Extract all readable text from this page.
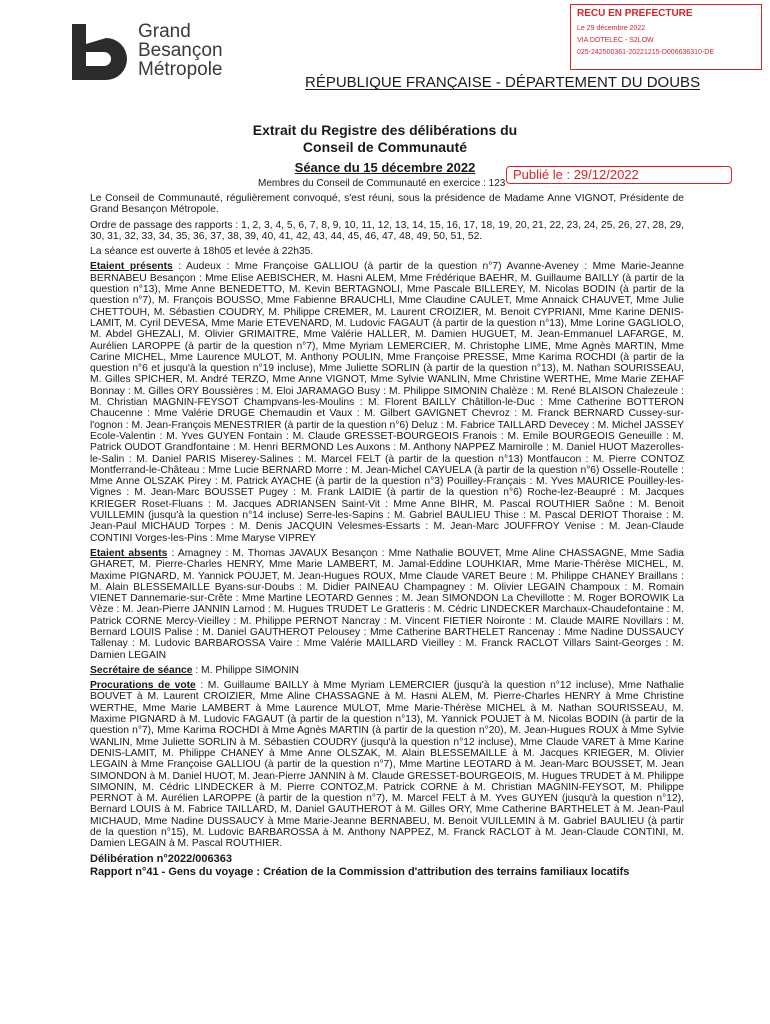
Grand
Besançon
Métropole
RECU EN PREFECTURE
Le 29 décembre 2022
VIA DOTELEC - S2LOW
025-242500361-20221215-D006636310-DE
RÉPUBLIQUE FRANÇAISE - DÉPARTEMENT DU DOUBS
Extrait du Registre des délibérations du
Conseil de Communauté
Séance du 15 décembre 2022
Membres du Conseil de Communauté en exercice : 123
Publié le : 29/12/2022

Le Conseil de Communauté, régulièrement convoqué, s'est réuni, sous la présidence de Madame Anne VIGNOT, Présidente de Grand Besançon Métropole.

Ordre de passage des rapports : 1, 2, 3, 4, 5, 6, 7, 8, 9, 10, 11, 12, 13, 14, 15, 16, 17, 18, 19, 20, 21, 22, 23, 24, 25, 26, 27, 28, 29, 30, 31, 32, 33, 34, 35, 36, 37, 38, 39, 40, 41, 42, 43, 44, 45, 46, 47, 48, 49, 50, 51, 52.

La séance est ouverte à 18h05 et levée à 22h35.

Etaient présents : Audeux : Mme Françoise GALLIOU (à partir de la question n°7) Avanne-Aveney : Mme Marie-Jeanne BERNABEU Besançon : Mme Elise AEBISCHER, M. Hasni ALEM, Mme Frédérique BAEHR, M. Guillaume BAILLY (à partir de la question n°13), Mme Anne BENEDETTO, M. Kevin BERTAGNOLI, Mme Pascale BILLEREY, M. Nicolas BODIN (à partir de la question n°7), M. François BOUSSO, Mme Fabienne BRAUCHLI, Mme Claudine CAULET, Mme Annaick CHAUVET, Mme Julie CHETTOUH, M. Sébastien COUDRY, M. Philippe CREMER, M. Laurent CROIZIER, M. Benoit CYPRIANI, Mme Karine DENIS-LAMIT, M. Cyril DEVESA, Mme Marie ETEVENARD, M. Ludovic FAGAUT (à partir de la question n°13), Mme Lorine GAGLIOLO, M. Abdel GHEZALI, M. Olivier GRIMAITRE, Mme Valérie HALLER, M. Damien HUGUET, M. Jean-Emmanuel LAFARGE, M. Aurélien LAROPPE (à partir de la question n°7), Mme Myriam LEMERCIER, M. Christophe LIME, Mme Agnès MARTIN, Mme Carine MICHEL, Mme Laurence MULOT, M. Anthony POULIN, Mme Françoise PRESSE, Mme Karima ROCHDI (à partir de la question n°6 et jusqu'à la question n°19 incluse), Mme Juliette SORLIN (à partir de la question n°13), M. Nathan SOURISSEAU, M. Gilles SPICHER, M. André TERZO, Mme Anne VIGNOT, Mme Sylvie WANLIN, Mme Christine WERTHE, Mme Marie ZEHAF Bonnay : M. Gilles ORY Boussières : M. Eloi JARAMAGO Busy : M. Philippe SIMONIN Chalèze : M. René BLAISON Chalezeule : M. Christian MAGNIN-FEYSOT Champvans-les-Moulins : M. Florent BAILLY Châtillon-le-Duc : Mme Catherine BOTTERON Chaucenne : Mme Valérie DRUGE Chemaudin et Vaux : M. Gilbert GAVIGNET Chevroz : M. Franck BERNARD Cussey-sur-l'ognon : M. Jean-François MENESTRIER (à partir de la question n°6) Deluz : M. Fabrice TAILLARD Devecey : M. Michel JASSEY Ecole-Valentin : M. Yves GUYEN Fontain : M. Claude GRESSET-BOURGEOIS Franois : M. Emile BOURGEOIS Geneuille : M. Patrick OUDOT Grandfontaine : M. Henri BERMOND Les Auxons : M. Anthony NAPPEZ Mamirolle : M. Daniel HUOT Mazerolles-le-Salin : M. Daniel PARIS Miserey-Salines : M. Marcel FELT (à partir de la question n°13) Montfaucon : M. Pierre CONTOZ Montferrand-le-Château : Mme Lucie BERNARD Morre : M. Jean-Michel CAYUELA (à partir de la question n°6) Osselle-Routelle : Mme Anne OLSZAK Pirey : M. Patrick AYACHE (à partir de la question n°3) Pouilley-Français : M. Yves MAURICE Pouilley-les-Vignes : M. Jean-Marc BOUSSET Pugey : M. Frank LAIDIE (à partir de la question n°6) Roche-lez-Beaupré : M. Jacques KRIEGER Roset-Fluans : M. Jacques ADRIANSEN Saint-Vit : Mme Anne BIHR, M. Pascal ROUTHIER Saône : M. Benoit VUILLEMIN (jusqu'à la question n°14 incluse) Serre-les-Sapins : M. Gabriel BAULIEU Thise : M. Pascal DERIOT Thoraise : M. Jean-Paul MICHAUD Torpes : M. Denis JACQUIN Velesmes-Essarts : M. Jean-Marc JOUFFROY Venise : M. Jean-Claude CONTINI Vorges-les-Pins : Mme Maryse VIPREY

Etaient absents : Amagney : M. Thomas JAVAUX Besançon : Mme Nathalie BOUVET, Mme Aline CHASSAGNE, Mme Sadia GHARET, M. Pierre-Charles HENRY, Mme Marie LAMBERT, M. Jamal-Eddine LOUHKIAR, Mme Marie-Thérèse MICHEL, M. Maxime PIGNARD, M. Yannick POUJET, M. Jean-Hugues ROUX, Mme Claude VARET Beure : M. Philippe CHANEY Braillans : M. Alain BLESSEMAILLE Byans-sur-Doubs : M. Didier PAINEAU Champagney : M. Olivier LEGAIN Champoux : M. Romain VIENET Dannemarie-sur-Crête : Mme Martine LEOTARD Gennes : M. Jean SIMONDON La Chevillotte : M. Roger BOROWIK La Vèze : M. Jean-Pierre JANNIN Larnod : M. Hugues TRUDET Le Gratteris : M. Cédric LINDECKER Marchaux-Chaudefontaine : M. Patrick CORNE Mercy-Vieilley : M. Philippe PERNOT Nancray : M. Vincent FIETIER Noironte : M. Claude MAIRE Novillars : M. Bernard LOUIS Palise : M. Daniel GAUTHEROT Pelousey : Mme Catherine BARTHELET Rancenay : Mme Nadine DUSSAUCY Tallenay : M. Ludovic BARBAROSSA Vaire : Mme Valérie MAILLARD Vieilley : M. Franck RACLOT Villars Saint-Georges : M. Damien LEGAIN

Secrétaire de séance : M. Philippe SIMONIN

Procurations de vote : M. Guillaume BAILLY à Mme Myriam LEMERCIER (jusqu'à la question n°12 incluse), Mme Nathalie BOUVET à M. Laurent CROIZIER, Mme Aline CHASSAGNE à M. Hasni ALEM, M. Pierre-Charles HENRY à Mme Christine WERTHE, Mme Marie LAMBERT à Mme Laurence MULOT, Mme Marie-Thérèse MICHEL à M. Nathan SOURISSEAU, M. Maxime PIGNARD à M. Ludovic FAGAUT (à partir de la question n°13), M. Yannick POUJET à M. Nicolas BODIN (à partir de la question n°7), Mme Karima ROCHDI à Mme Agnès MARTIN (à partir de la question n°20), M. Jean-Hugues ROUX à Mme Sylvie WANLIN, Mme Juliette SORLIN à M. Sébastien COUDRY (jusqu'à la question n°12 incluse), Mme Claude VARET à Mme Karine DENIS-LAMIT, M. Philippe CHANEY à Mme Anne OLSZAK, M. Alain BLESSEMAILLE à M. Jacques KRIEGER, M. Olivier LEGAIN à Mme Françoise GALLIOU (à partir de la question n°7), Mme Martine LEOTARD à M. Jean-Marc BOUSSET, M. Jean SIMONDON à M. Daniel HUOT, M. Jean-Pierre JANNIN à M. Claude GRESSET-BOURGEOIS, M. Hugues TRUDET à M. Philippe SIMONIN, M. Cédric LINDECKER à M. Pierre CONTOZ,M. Patrick CORNE à M. Christian MAGNIN-FEYSOT, M. Philippe PERNOT à M. Aurélien LAROPPE (à partir de la question n°7), M. Marcel FELT à M. Yves GUYEN (jusqu'à la question n°12), Bernard LOUIS à M. Fabrice TAILLARD, M. Daniel GAUTHEROT à M. Gilles ORY, Mme Catherine BARTHELET à M. Jean-Paul MICHAUD, Mme Nadine DUSSAUCY à Mme Marie-Jeanne BERNABEU, M. Benoit VUILLEMIN à M. Gabriel BAULIEU (à partir de la question n°15), M. Ludovic BARBAROSSA à M. Anthony NAPPEZ, M. Franck RACLOT à M. Jean-Claude CONTINI, M. Damien LEGAIN à M. Pascal ROUTHIER.

Délibération n°2022/006363
Rapport n°41 - Gens du voyage : Création de la Commission d'attribution des terrains familiaux locatifs
